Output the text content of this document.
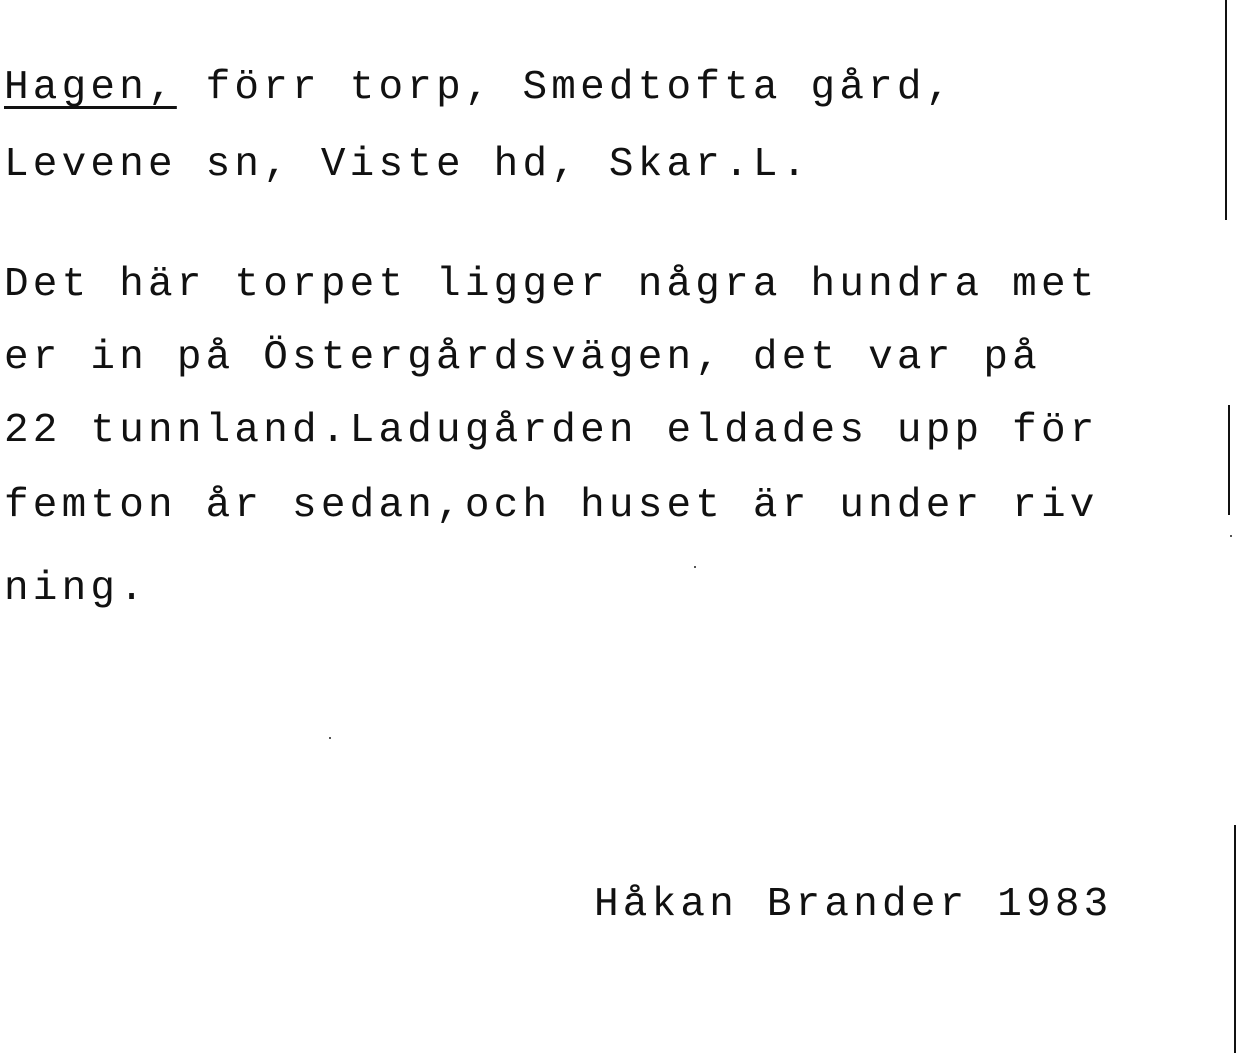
Hagen, förr torp, Smedtofta gård,
Levene sn, Viste hd, Skar.L.
Det här torpet ligger några hundra met
er in på Östergårdsvägen, det var på
22 tunnland.Ladugården eldades upp för
femton år sedan,och huset är under riv
ning.
Håkan Brander 1983
